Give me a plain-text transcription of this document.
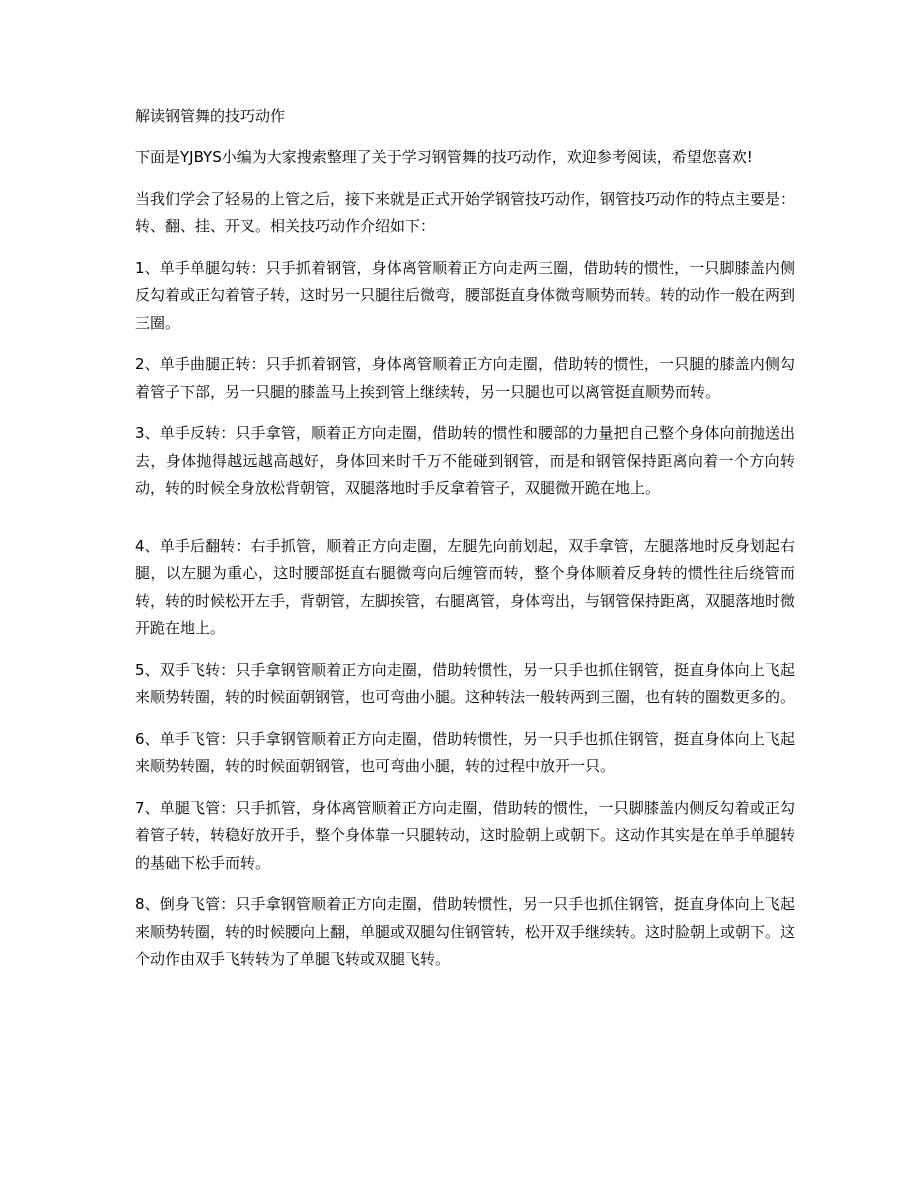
解读钢管舞的技巧动作

下面是YJBYS小编为大家搜索整理了关于学习钢管舞的技巧动作，欢迎参考阅读，希望您喜欢!

当我们学会了轻易的上管之后，接下来就是正式开始学钢管技巧动作，钢管技巧动作的特点主要是：转、翻、挂、开叉。相关技巧动作介绍如下：

1、单手单腿勾转：只手抓着钢管，身体离管顺着正方向走两三圈，借助转的惯性，一只脚膝盖内侧反勾着或正勾着管子转，这时另一只腿往后微弯，腰部挺直身体微弯顺势而转。转的动作一般在两到三圈。

2、单手曲腿正转：只手抓着钢管，身体离管顺着正方向走圈，借助转的惯性，一只腿的膝盖内侧勾着管子下部，另一只腿的膝盖马上挨到管上继续转，另一只腿也可以离管挺直顺势而转。

3、单手反转：只手拿管，顺着正方向走圈，借助转的惯性和腰部的力量把自己整个身体向前抛送出去，身体抛得越远越高越好，身体回来时千万不能碰到钢管，而是和钢管保持距离向着一个方向转动，转的时候全身放松背朝管，双腿落地时手反拿着管子，双腿微开跪在地上。

4、单手后翻转：右手抓管，顺着正方向走圈，左腿先向前划起，双手拿管，左腿落地时反身划起右腿，以左腿为重心，这时腰部挺直右腿微弯向后缠管而转，整个身体顺着反身转的惯性往后绕管而转，转的时候松开左手，背朝管，左脚挨管，右腿离管，身体弯出，与钢管保持距离，双腿落地时微开跪在地上。

5、双手飞转：只手拿钢管顺着正方向走圈，借助转惯性，另一只手也抓住钢管，挺直身体向上飞起来顺势转圈，转的时候面朝钢管，也可弯曲小腿。这种转法一般转两到三圈，也有转的圈数更多的。

6、单手飞管：只手拿钢管顺着正方向走圈，借助转惯性，另一只手也抓住钢管，挺直身体向上飞起来顺势转圈，转的时候面朝钢管，也可弯曲小腿，转的过程中放开一只。

7、单腿飞管：只手抓管，身体离管顺着正方向走圈，借助转的惯性，一只脚膝盖内侧反勾着或正勾着管子转，转稳好放开手，整个身体靠一只腿转动，这时脸朝上或朝下。这动作其实是在单手单腿转的基础下松手而转。

8、倒身飞管：只手拿钢管顺着正方向走圈，借助转惯性，另一只手也抓住钢管，挺直身体向上飞起来顺势转圈，转的时候腰向上翻，单腿或双腿勾住钢管转，松开双手继续转。这时脸朝上或朝下。这个动作由双手飞转转为了单腿飞转或双腿飞转。
